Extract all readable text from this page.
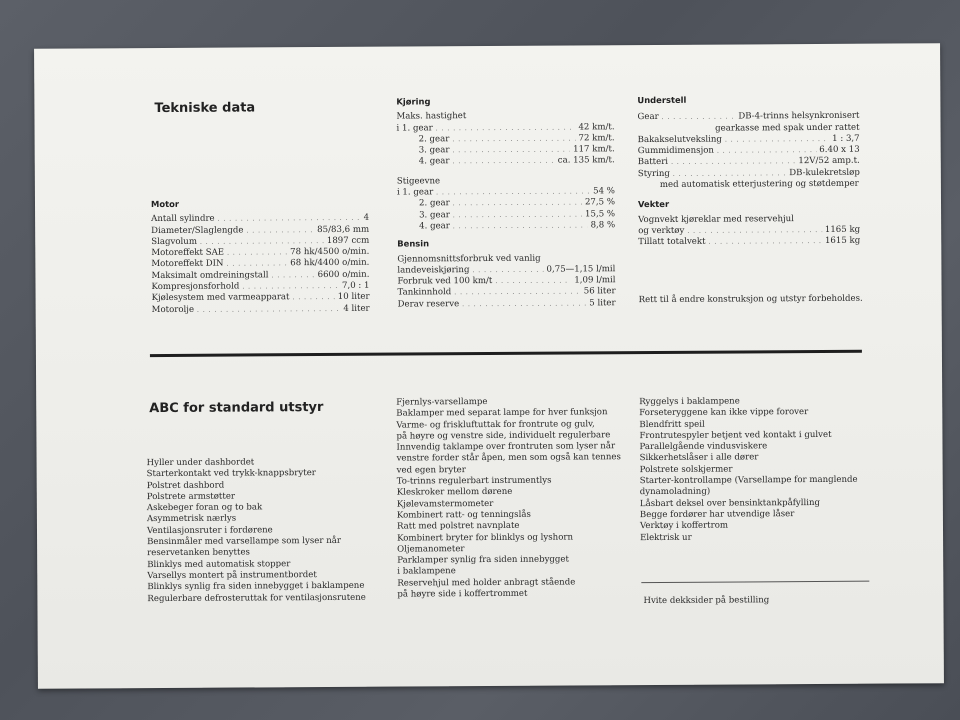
Tekniske data
Motor
Antall sylindre . . .	4
Diameter/Slaglengde . . .	85/83,6 mm
Slagvolum . . .	1897 ccm
Motoreffekt SAE . . .	78 hk/4500 o/min.
Motoreffekt DIN . . .	68 hk/4400 o/min.
Maksimalt omdreiningstall . . .	6600 o/min.
Kompresjonsforhold . . .	7,0 : 1
Kjølesystem med varmeapparat . . .	10 liter
Motorolje . . .	4 liter
Kjøring
Maks. hastighet
i 1. gear . . .	42 km/t.
2. gear . . .	72 km/t.
3. gear . . .	117 km/t.
4. gear . . .	ca. 135 km/t.
Stigeevne
i 1. gear . . .	54 %
2. gear . . .	27,5 %
3. gear . . .	15,5 %
4. gear . . .	8,8 %
Bensin
Gjennomsnittsforbruk ved vanlig
landeveiskjøring . . .	0,75—1,15 l/mil
Forbruk ved 100 km/t . . .	1,09 l/mil
Tankinnhold . . .	56 liter
Derav reserve . . .	5 liter
Understell
Gear . . .	DB-4-trinns helsynkronisert
gearkasse med spak under rattet
Bakakselutveksling . . .	1 : 3,7
Gummidimensjon . . .	6.40 x 13
Batteri . . .	12V/52 amp.t.
Styring . . .	DB-kulekretsløp
med automatisk etterjustering og støtdemper
Vekter
Vognvekt kjøreklar med reservehjul
og verktøy . . .	1165 kg
Tillatt totalvekt . . .	1615 kg
Rett til å endre konstruksjon og utstyr forbeholdes.
ABC for standard utstyr
Hyller under dashbordet
Starterkontakt ved trykk-knappsbryter
Polstret dashbord
Polstrete armstøtter
Askebeger foran og to bak
Asymmetrisk nærlys
Ventilasjonsruter i fordørene
Bensinmåler med varsellampe som lyser når
reservetanken benyttes
Blinklys med automatisk stopper
Varsellys montert på instrumentbordet
Blinklys synlig fra siden innebygget i baklampene
Regulerbare defrosteruttak for ventilasjonsrutene
Fjernlys-varsellampe
Baklamper med separat lampe for hver funksjon
Varme- og friskluftuttak for frontrute og gulv,
på høyre og venstre side, individuelt regulerbare
Innvendig taklampe over frontruten som lyser når
venstre forder står åpen, men som også kan tennes
ved egen bryter
To-trinns regulerbart instrumentlys
Kleskroker mellom dørene
Kjølevamstermometer
Kombinert ratt- og tenningslås
Ratt med polstret navnplate
Kombinert bryter for blinklys og lyshorn
Oljemanometer
Parklamper synlig fra siden innebygget
i baklampene
Reservehjul med holder anbragt stående
på høyre side i koffertrommet
Ryggelys i baklampene
Forseteryggene kan ikke vippe forover
Blendfritt speil
Frontrutespyler betjent ved kontakt i gulvet
Parallelgående vindusviskere
Sikkerhetslåser i alle dører
Polstrete solskjermer
Starter-kontrollampe (Varsellampe for manglende
dynamoladning)
Låsbart deksel over bensinktankpåfylling
Begge fordører har utvendige låser
Verktøy i koffertrom
Elektrisk ur
Hvite dekksider på bestilling
